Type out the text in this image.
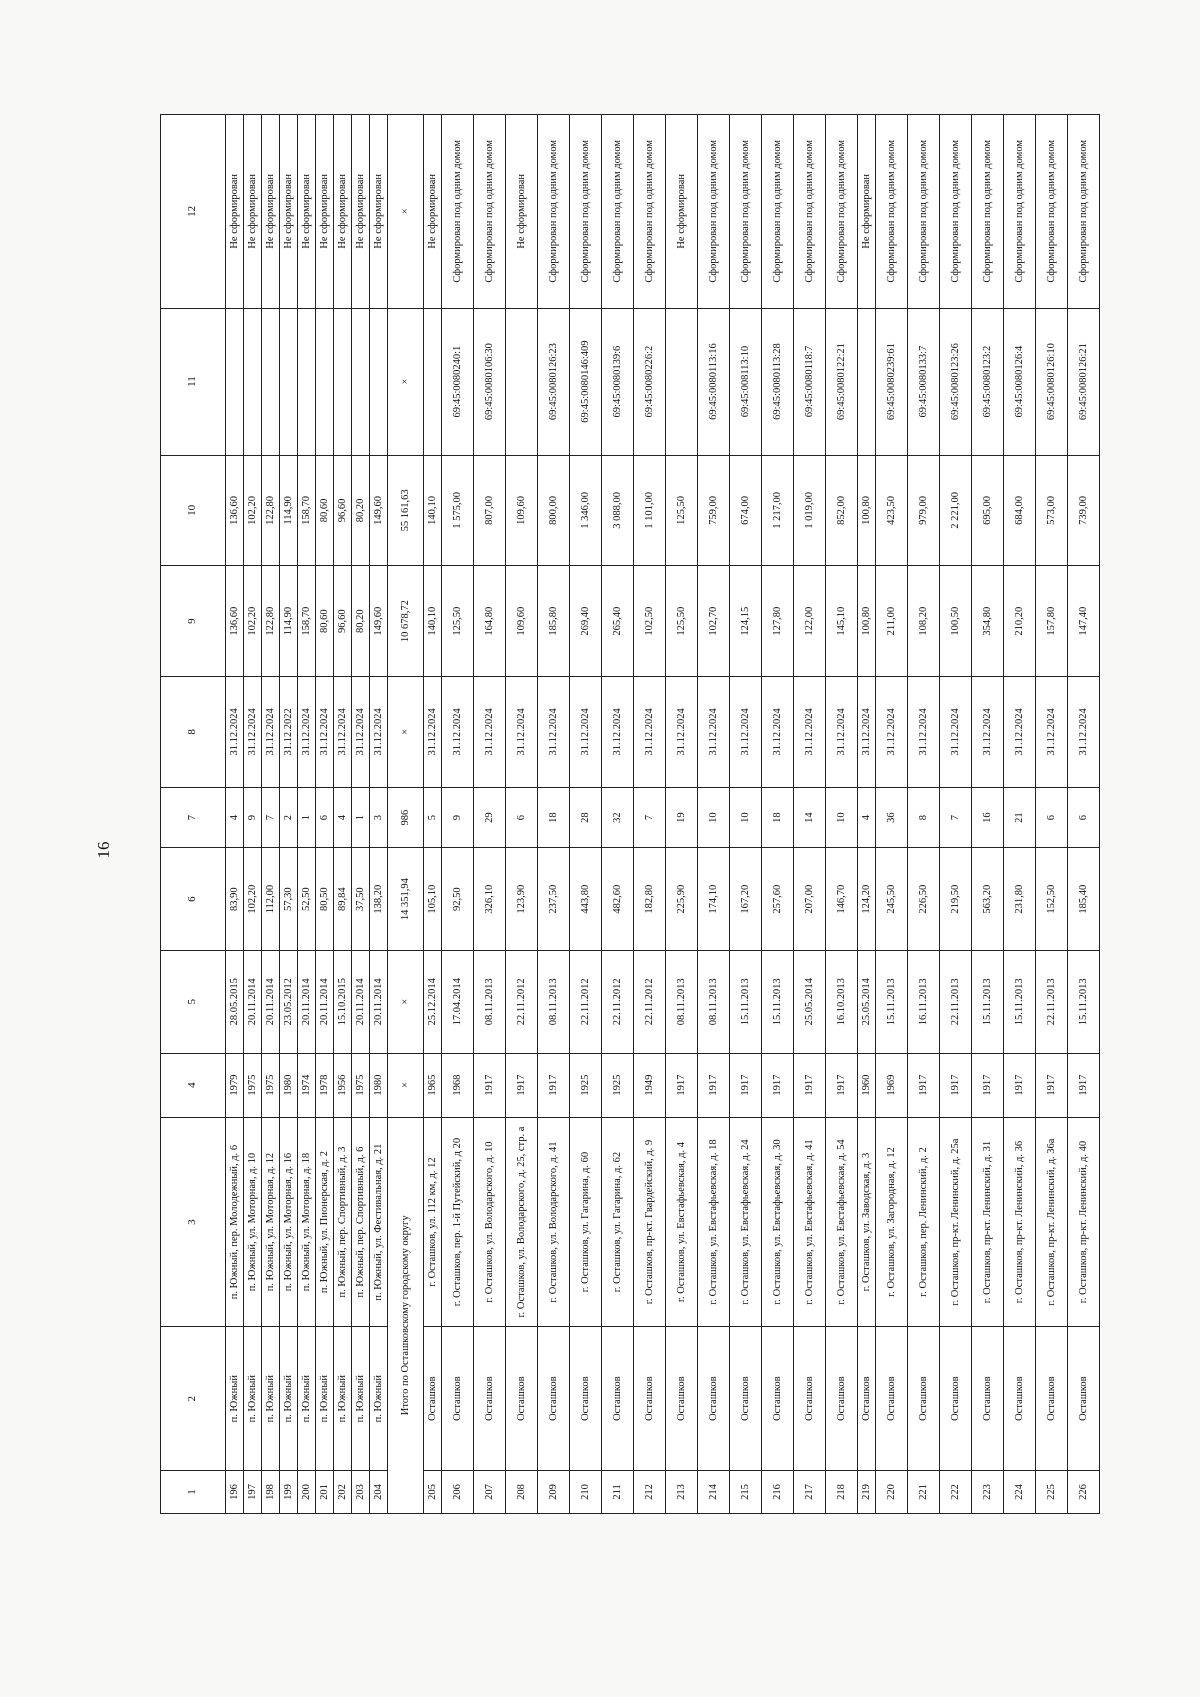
16
1	2	3	4	5	6	7	8	9	10	11	12
196	п. Южный	п. Южный, пер. Молодежный, д. 6	1979	28.05.2015	83,90	4	31.12.2024	136,60	136,60		Не сформирован
197	п. Южный	п. Южный, ул. Моторная, д. 10	1975	20.11.2014	102,20	9	31.12.2024	102,20	102,20		Не сформирован
198	п. Южный	п. Южный, ул. Моторная, д. 12	1975	20.11.2014	112,00	7	31.12.2024	122,80	122,80		Не сформирован
199	п. Южный	п. Южный, ул. Моторная, д. 16	1980	23.05.2012	57,30	2	31.12.2022	114,90	114,90		Не сформирован
200	п. Южный	п. Южный, ул. Моторная, д. 18	1974	20.11.2014	52,50	1	31.12.2024	158,70	158,70		Не сформирован
201	п. Южный	п. Южный, ул. Пионерская, д. 2	1978	20.11.2014	80,50	6	31.12.2024	80,60	80,60		Не сформирован
202	п. Южный	п. Южный, пер. Спортивный, д. 3	1956	15.10.2015	89,84	4	31.12.2024	96,60	96,60		Не сформирован
203	п. Южный	п. Южный, пер. Спортивный, д. 6	1975	20.11.2014	37,50	1	31.12.2024	80,20	80,20		Не сформирован
204	п. Южный	п. Южный, ул. Фестивальная, д. 21	1980	20.11.2014	138,20	3	31.12.2024	149,60	149,60		Не сформирован
Итого по Осташковскому городскому округу			×	×	14 351,94	986	×	10 678,72	55 161,63	×	×
205	Осташков	г. Осташков, ул. 112 км, д. 12	1965	25.12.2014	105,10	5	31.12.2024	140,10	140,10		Не сформирован
206	Осташков	г. Осташков, пер. 1-й Путейский, д 20	1968	17.04.2014	92,50	9	31.12.2024	125,50	1 575,00	69:45:0080240:1	Сформирован под одним домом
207	Осташков	г. Осташков, ул. Володарского, д. 10	1917	08.11.2013	326,10	29	31.12.2024	164,80	807,00	69:45:0080106:30	Сформирован под одним домом
208	Осташков	г. Осташков, ул. Володарского, д. 25, стр. а	1917	22.11.2012	123,90	6	31.12.2024	109,60	109,60		Не сформирован
209	Осташков	г. Осташков, ул. Володарского, д. 41	1917	08.11.2013	237,50	18	31.12.2024	185,80	800,00	69:45:0080126:23	Сформирован под одним домом
210	Осташков	г. Осташков, ул. Гагарина, д. 60	1925	22.11.2012	443,80	28	31.12.2024	269,40	1 346,00	69:45:0080146:409	Сформирован под одним домом
211	Осташков	г. Осташков, ул. Гагарина, д. 62	1925	22.11.2012	482,60	32	31.12.2024	265,40	3 088,00	69:45:0080139:6	Сформирован под одним домом
212	Осташков	г. Осташков, пр-кт. Гвардейский, д. 9	1949	22.11.2012	182,80	7	31.12.2024	102,50	1 101,00	69:45:0080226:2	Сформирован под одним домом
213	Осташков	г. Осташков, ул. Евстафьевская, д. 4	1917	08.11.2013	225,90	19	31.12.2024	125,50	125,50		Не сформирован
214	Осташков	г. Осташков, ул. Евстафьевская, д. 18	1917	08.11.2013	174,10	10	31.12.2024	102,70	759,00	69:45:0080113:16	Сформирован под одним домом
215	Осташков	г. Осташков, ул. Евстафьевская, д. 24	1917	15.11.2013	167,20	10	31.12.2024	124,15	674,00	69:45:008113:10	Сформирован под одним домом
216	Осташков	г. Осташков, ул. Евстафьевская, д. 30	1917	15.11.2013	257,60	18	31.12.2024	127,80	1 217,00	69:45:0080113:28	Сформирован под одним домом
217	Осташков	г. Осташков, ул. Евстафьевская, д. 41	1917	25.05.2014	207,00	14	31.12.2024	122,00	1 019,00	69:45:0080118:7	Сформирован под одним домом
218	Осташков	г. Осташков, ул. Евстафьевская, д. 54	1917	16.10.2013	146,70	10	31.12.2024	145,10	852,00	69:45:0080122:21	Сформирован под одним домом
219	Осташков	г. Осташков, ул. Заводская, д. 3	1960	25.05.2014	124,20	4	31.12.2024	100,80	100,80		Не сформирован
220	Осташков	г. Осташков, ул. Загородная, д. 12	1969	15.11.2013	245,50	36	31.12.2024	211,00	423,50	69:45:0080239:61	Сформирован под одним домом
221	Осташков	г. Осташков, пер. Ленинский, д. 2	1917	16.11.2013	226,50	8	31.12.2024	108,20	979,00	69:45:0080133:7	Сформирован под одним домом
222	Осташков	г. Осташков, пр-кт. Ленинский, д. 25а	1917	22.11.2013	219,50	7	31.12.2024	100,50	2 221,00	69:45:0080123:26	Сформирован под одним домом
223	Осташков	г. Осташков, пр-кт. Ленинский, д. 31	1917	15.11.2013	563,20	16	31.12.2024	354,80	695,00	69:45:0080123:2	Сформирован под одним домом
224	Осташков	г. Осташков, пр-кт. Ленинский, д. 36	1917	15.11.2013	231,80	21	31.12.2024	210,20	684,00	69:45:0080126:4	Сформирован под одним домом
225	Осташков	г. Осташков, пр-кт. Ленинский, д. 36а	1917	22.11.2013	152,50	6	31.12.2024	157,80	573,00	69:45:0080126:10	Сформирован под одним домом
226	Осташков	г. Осташков, пр-кт. Ленинский, д. 40	1917	15.11.2013	185,40	6	31.12.2024	147,40	739,00	69:45:0080126:21	Сформирован под одним домом
